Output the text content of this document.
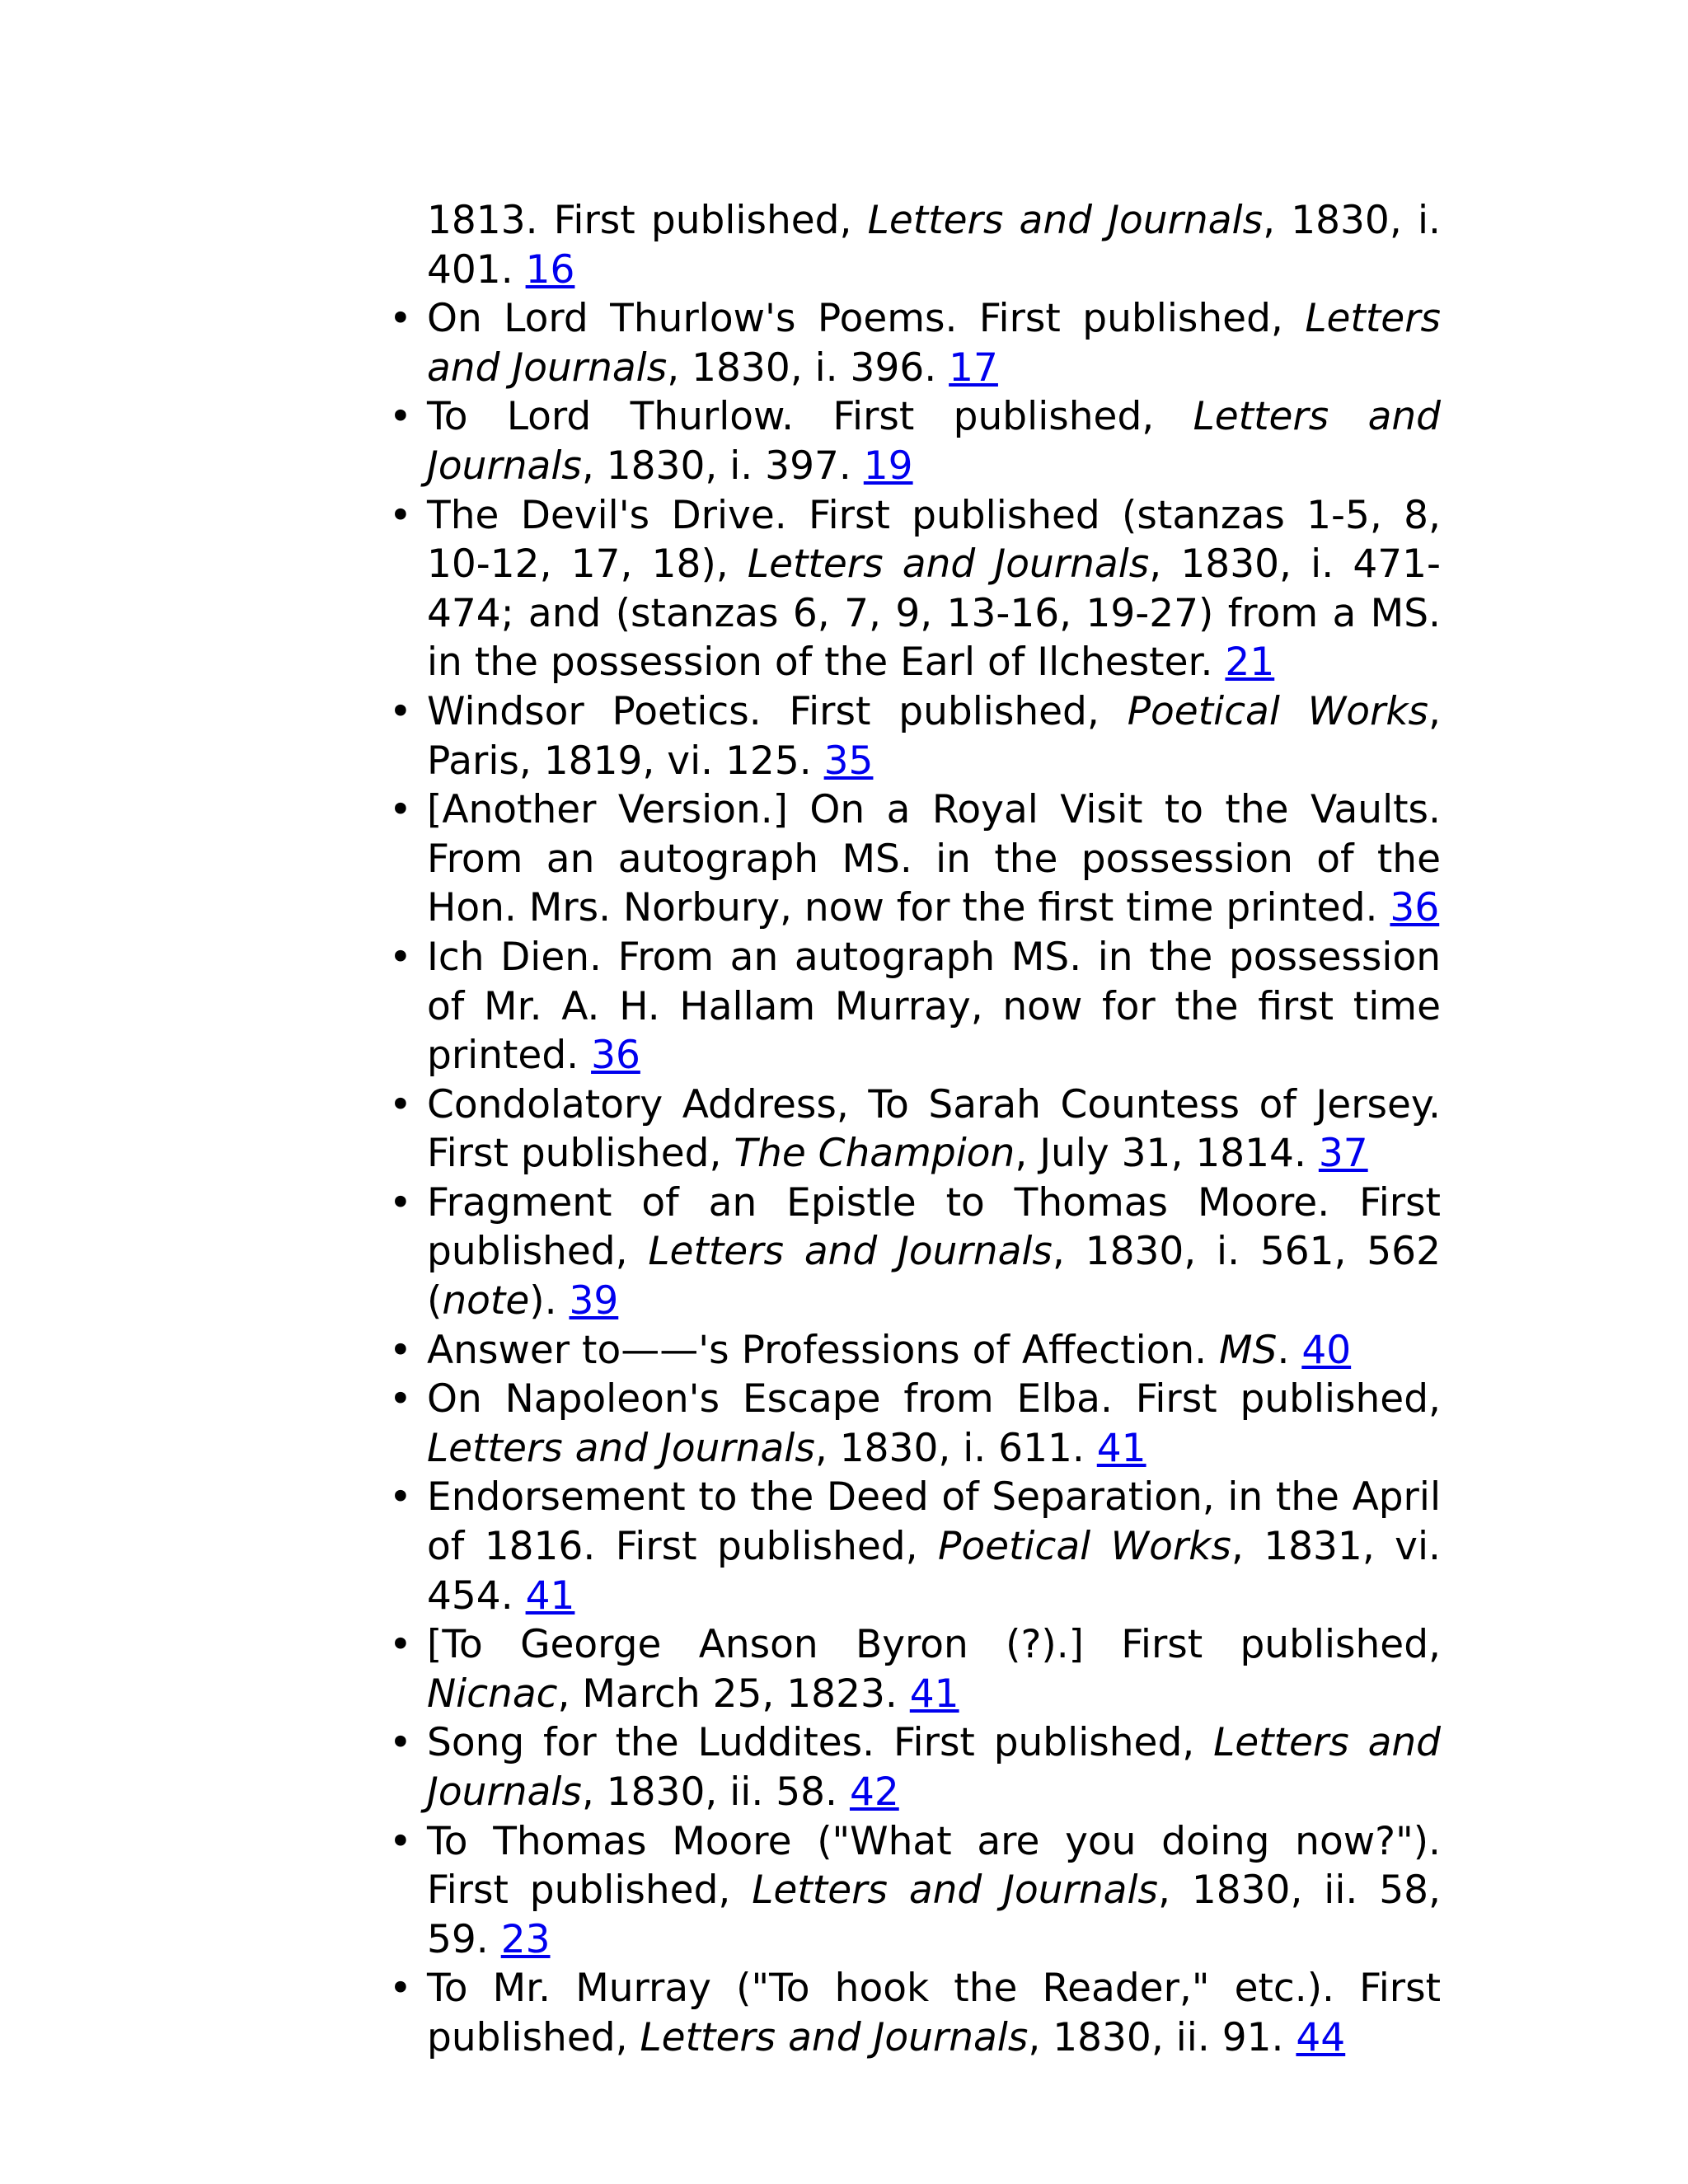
1813. First published, Letters and Journals, 1830, i. 401. 16

• On Lord Thurlow's Poems. First published, Letters and Journals, 1830, i. 396. 17
• To Lord Thurlow. First published, Letters and Journals, 1830, i. 397. 19
• The Devil's Drive. First published (stanzas 1-5, 8, 10-12, 17, 18), Letters and Journals, 1830, i. 471-474; and (stanzas 6, 7, 9, 13-16, 19-27) from a MS. in the possession of the Earl of Ilchester. 21
• Windsor Poetics. First published, Poetical Works, Paris, 1819, vi. 125. 35
• [Another Version.] On a Royal Visit to the Vaults. From an autograph MS. in the possession of the Hon. Mrs. Norbury, now for the first time printed. 36
• Ich Dien. From an autograph MS. in the possession of Mr. A. H. Hallam Murray, now for the first time printed. 36
• Condolatory Address, To Sarah Countess of Jersey. First published, The Champion, July 31, 1814. 37
• Fragment of an Epistle to Thomas Moore. First published, Letters and Journals, 1830, i. 561, 562 (note). 39
• Answer to——'s Professions of Affection. MS. 40
• On Napoleon's Escape from Elba. First published, Letters and Journals, 1830, i. 611. 41
• Endorsement to the Deed of Separation, in the April of 1816. First published, Poetical Works, 1831, vi. 454. 41
• [To George Anson Byron (?).] First published, Nicnac, March 25, 1823. 41
• Song for the Luddites. First published, Letters and Journals, 1830, ii. 58. 42
• To Thomas Moore ("What are you doing now?"). First published, Letters and Journals, 1830, ii. 58, 59. 23
• To Mr. Murray ("To hook the Reader," etc.). First published, Letters and Journals, 1830, ii. 91. 44
